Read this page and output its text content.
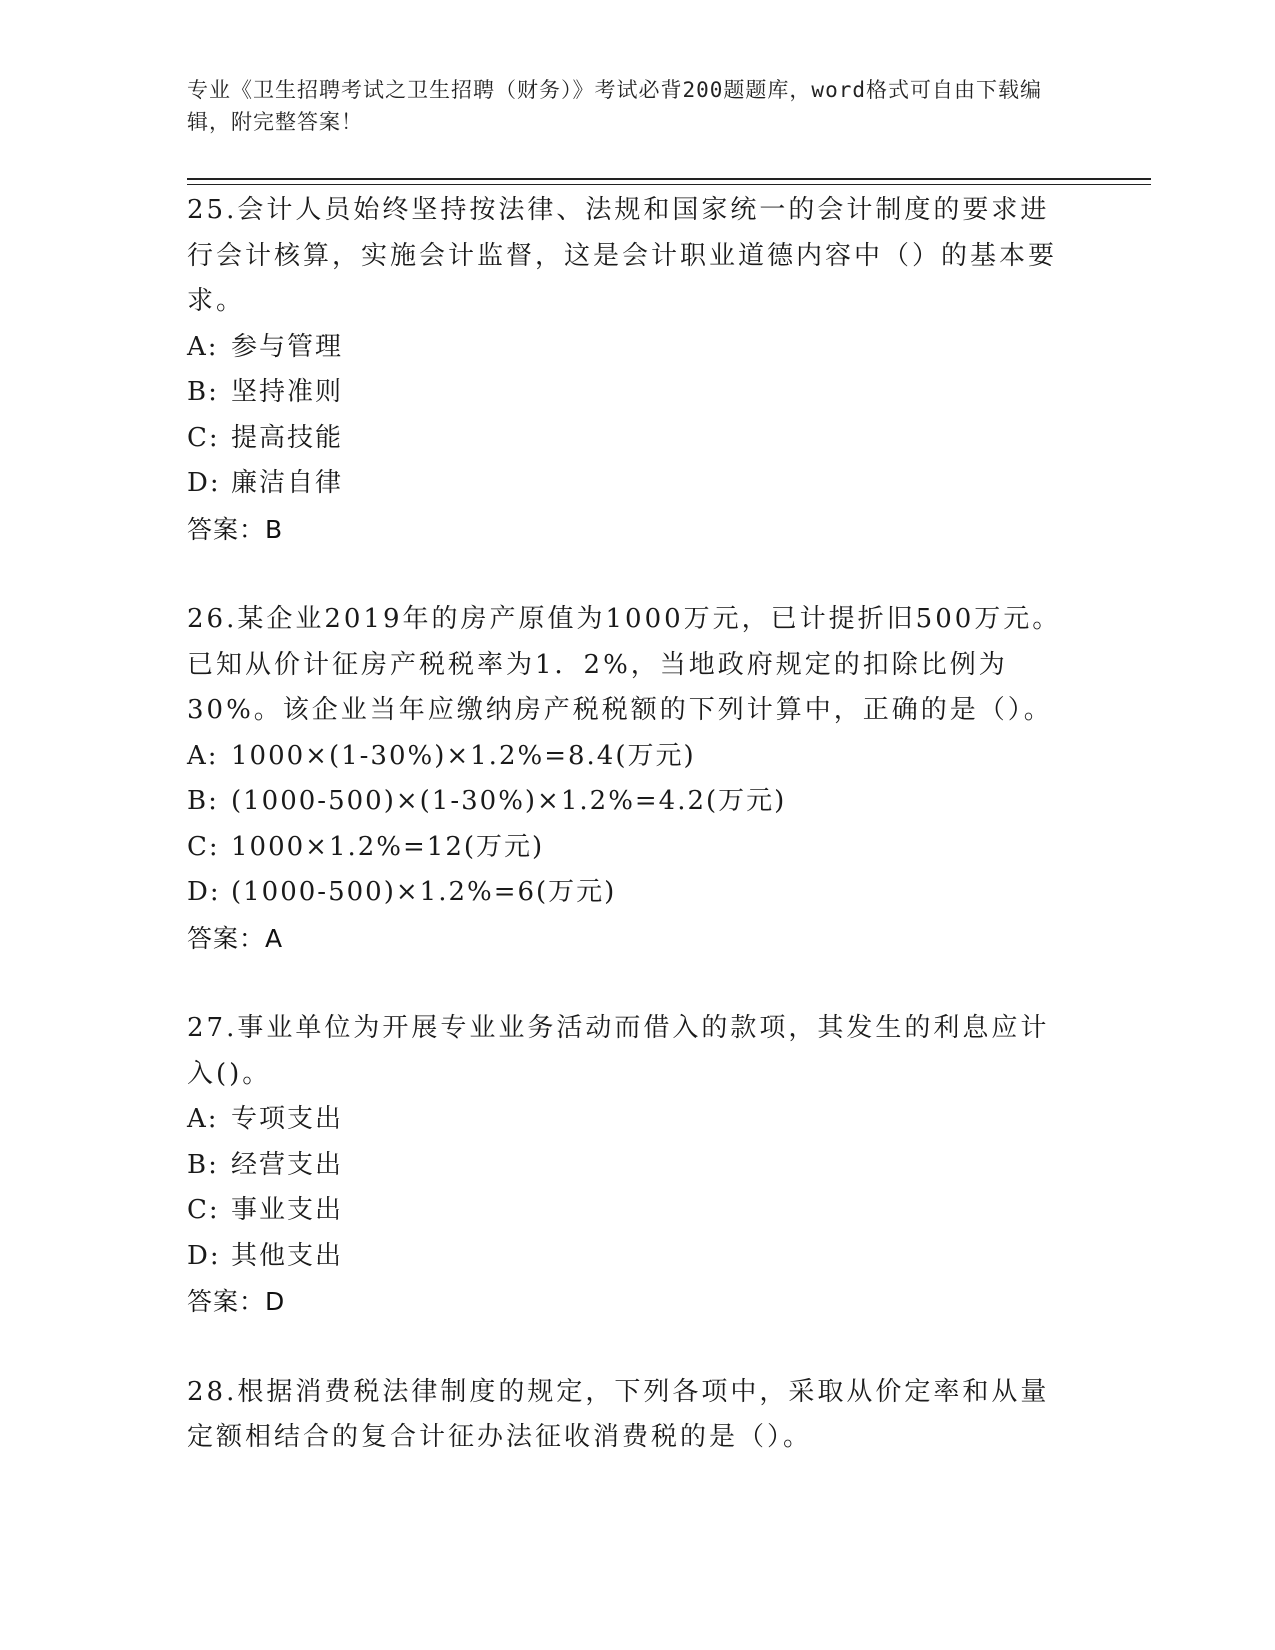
专业《卫生招聘考试之卫生招聘（财务）》考试必背200题题库，word格式可自由下载编辑，附完整答案！

25.会计人员始终坚持按法律、法规和国家统一的会计制度的要求进行会计核算，实施会计监督，这是会计职业道德内容中（）的基本要求。

A: 参与管理
B: 坚持准则
C: 提高技能
D: 廉洁自律

答案：B

26.某企业2019年的房产原值为1000万元，已计提折旧500万元。已知从价计征房产税税率为1．2%，当地政府规定的扣除比例为30%。该企业当年应缴纳房产税税额的下列计算中，正确的是（）。

A: 1000×(1-30%)×1.2%=8.4(万元)
B: (1000-500)×(1-30%)×1.2%=4.2(万元)
C: 1000×1.2%=12(万元)
D: (1000-500)×1.2%=6(万元)

答案：A

27.事业单位为开展专业业务活动而借入的款项，其发生的利息应计入()。

A: 专项支出
B: 经营支出
C: 事业支出
D: 其他支出

答案：D

28.根据消费税法律制度的规定，下列各项中，采取从价定率和从量定额相结合的复合计征办法征收消费税的是（）。
